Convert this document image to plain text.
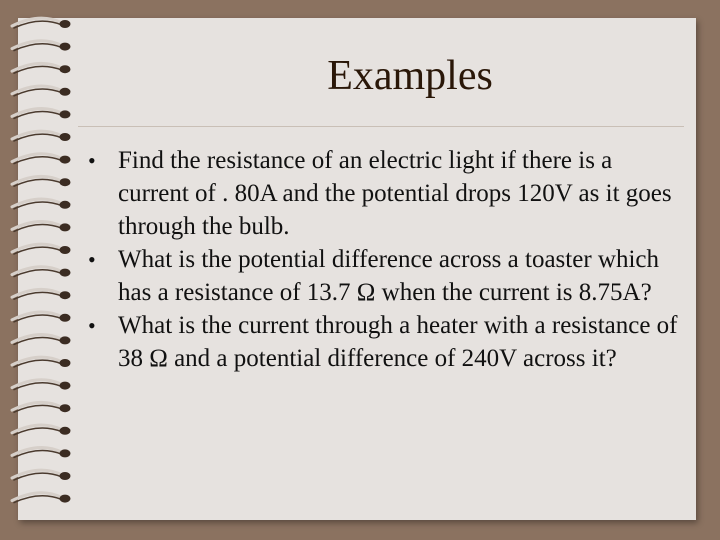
Examples
• Find the resistance of an electric light if there is a current of . 80A and the potential drops 120V as it goes through the bulb.
• What is the potential difference across a toaster which has a resistance of 13.7 Ω when the current is 8.75A?
• What is the current through a heater with a resistance of 38 Ω and a potential difference of 240V across it?
